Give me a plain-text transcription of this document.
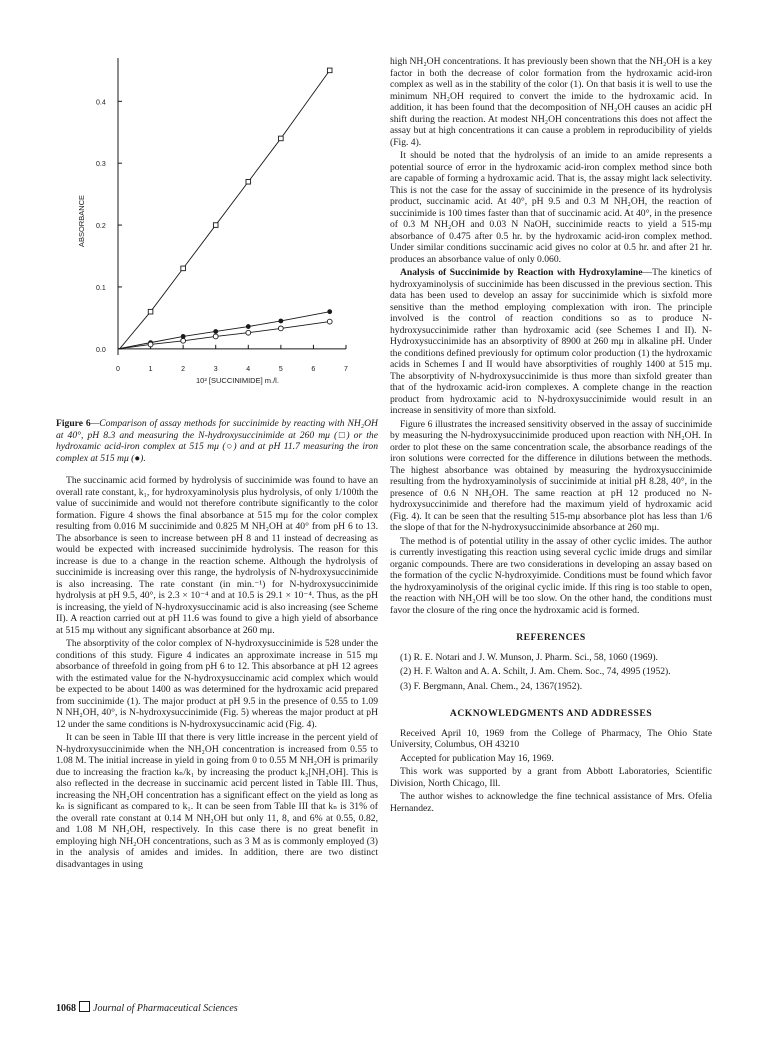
0.0
0.1
0.2
0.3
0.4
0	1	2	3	4	5	6	7
10² [SUCCINIMIDE] m./l.
ABSORBANCE
Figure 6—Comparison of assay methods for succinimide by reacting with NH₂OH at 40°, pH 8.3 and measuring the N-hydroxysuccinimide at 260 mμ (□) or the hydroxamic acid-iron complex at 515 mμ (○) and at pH 11.7 measuring the iron complex at 515 mμ (●).

The succinamic acid formed by hydrolysis of succinimide was found to have an overall rate constant, k₁, for hydroxyaminolysis plus hydrolysis, of only 1/100th the value of succinimide and would not therefore contribute significantly to the color formation. Figure 4 shows the final absorbance at 515 mμ for the color complex resulting from 0.016 M succinimide and 0.825 M NH₂OH at 40° from pH 6 to 13. The absorbance is seen to increase between pH 8 and 11 instead of decreasing as would be expected with increased succinimide hydrolysis. The reason for this increase is due to a change in the reaction scheme. Although the hydrolysis of succinimide is increasing over this range, the hydrolysis of N-hydroxysuccinimide is also increasing. The rate constant (in min.⁻¹) for N-hydroxysuccinimide hydrolysis at pH 9.5, 40°, is 2.3 × 10⁻⁴ and at 10.5 is 29.1 × 10⁻⁴. Thus, as the pH is increasing, the yield of N-hydroxysuccinamic acid is also increasing (see Scheme II). A reaction carried out at pH 11.6 was found to give a high yield of absorbance at 515 mμ without any significant absorbance at 260 mμ.

The absorptivity of the color complex of N-hydroxysuccinimide is 528 under the conditions of this study. Figure 4 indicates an approximate increase in 515 mμ absorbance of threefold in going from pH 6 to 12. This absorbance at pH 12 agrees with the estimated value for the N-hydroxysuccinamic acid complex which would be expected to be about 1400 as was determined for the hydroxamic acid prepared from succinimide (1). The major product at pH 9.5 in the presence of 0.55 to 1.09 N NH₂OH, 40°, is N-hydroxysuccinimide (Fig. 5) whereas the major product at pH 12 under the same conditions is N-hydroxysuccinamic acid (Fig. 4).

It can be seen in Table III that there is very little increase in the percent yield of N-hydroxysuccinimide when the NH₂OH concentration is increased from 0.55 to 1.08 M. The initial increase in yield in going from 0 to 0.55 M NH₂OH is primarily due to increasing the fraction kₙ/k₁ by increasing the product k₂[NH₂OH]. This is also reflected in the decrease in succinamic acid percent listed in Table III. Thus, increasing the NH₂OH concentration has a significant effect on the yield as long as kₙ is significant as compared to k₁. It can be seen from Table III that kₙ is 31% of the overall rate constant at 0.14 M NH₂OH but only 11, 8, and 6% at 0.55, 0.82, and 1.08 M NH₂OH, respectively. In this case there is no great benefit in employing high NH₂OH concentrations, such as 3 M as is commonly employed (3) in the analysis of amides and imides. In addition, there are two distinct disadvantages in using

high NH₂OH concentrations. It has previously been shown that the NH₂OH is a key factor in both the decrease of color formation from the hydroxamic acid-iron complex as well as in the stability of the color (1). On that basis it is well to use the minimum NH₂OH required to convert the imide to the hydroxamic acid. In addition, it has been found that the decomposition of NH₂OH causes an acidic pH shift during the reaction. At modest NH₂OH concentrations this does not affect the assay but at high concentrations it can cause a problem in reproducibility of yields (Fig. 4).

It should be noted that the hydrolysis of an imide to an amide represents a potential source of error in the hydroxamic acid-iron complex method since both are capable of forming a hydroxamic acid. That is, the assay might lack selectivity. This is not the case for the assay of succinimide in the presence of its hydrolysis product, succinamic acid. At 40°, pH 9.5 and 0.3 M NH₂OH, the reaction of succinimide is 100 times faster than that of succinamic acid. At 40°, in the presence of 0.3 M NH₂OH and 0.03 N NaOH, succinimide reacts to yield a 515-mμ absorbance of 0.475 after 0.5 hr. by the hydroxamic acid-iron complex method. Under similar conditions succinamic acid gives no color at 0.5 hr. and after 21 hr. produces an absorbance value of only 0.060.

Analysis of Succinimide by Reaction with Hydroxylamine—The kinetics of hydroxyaminolysis of succinimide has been discussed in the previous section. This data has been used to develop an assay for succinimide which is sixfold more sensitive than the method employing complexation with iron. The principle involved is the control of reaction conditions so as to produce N-hydroxysuccinimide rather than hydroxamic acid (see Schemes I and II). N-Hydroxysuccinimide has an absorptivity of 8900 at 260 mμ in alkaline pH. Under the conditions defined previously for optimum color production (1) the hydroxamic acids in Schemes I and II would have absorptivities of roughly 1400 at 515 mμ. The absorptivity of N-hydroxysuccinimide is thus more than sixfold greater than that of the hydroxamic acid-iron complexes. A complete change in the reaction product from hydroxamic acid to N-hydroxysuccinimide would result in an increase in sensitivity of more than sixfold.

Figure 6 illustrates the increased sensitivity observed in the assay of succinimide by measuring the N-hydroxysuccinimide produced upon reaction with NH₂OH. In order to plot these on the same concentration scale, the absorbance readings of the iron solutions were corrected for the difference in dilutions between the methods. The highest absorbance was obtained by measuring the hydroxysuccinimide resulting from the hydroxyaminolysis of succinimide at initial pH 8.28, 40°, in the presence of 0.6 N NH₂OH. The same reaction at pH 12 produced no N-hydroxysuccinimide and therefore had the maximum yield of hydroxamic acid (Fig. 4). It can be seen that the resulting 515-mμ absorbance plot has less than 1/6 the slope of that for the N-hydroxysuccinimide absorbance at 260 mμ.

The method is of potential utility in the assay of other cyclic imides. The author is currently investigating this reaction using several cyclic imide drugs and similar organic compounds. There are two considerations in developing an assay based on the formation of the cyclic N-hydroxyimide. Conditions must be found which favor the hydroxyaminolysis of the original cyclic imide. If this ring is too stable to open, the reaction with NH₂OH will be too slow. On the other hand, the conditions must favor the closure of the ring once the hydroxamic acid is formed.

REFERENCES

(1) R. E. Notari and J. W. Munson, J. Pharm. Sci., 58, 1060 (1969).

(2) H. F. Walton and A. A. Schilt, J. Am. Chem. Soc., 74, 4995 (1952).

(3) F. Bergmann, Anal. Chem., 24, 1367(1952).

ACKNOWLEDGMENTS AND ADDRESSES

Received April 10, 1969 from the College of Pharmacy, The Ohio State University, Columbus, OH 43210

Accepted for publication May 16, 1969.

This work was supported by a grant from Abbott Laboratories, Scientific Division, North Chicago, Ill.

The author wishes to acknowledge the fine technical assistance of Mrs. Ofelia Hernandez.

1068 Journal of Pharmaceutical Sciences
